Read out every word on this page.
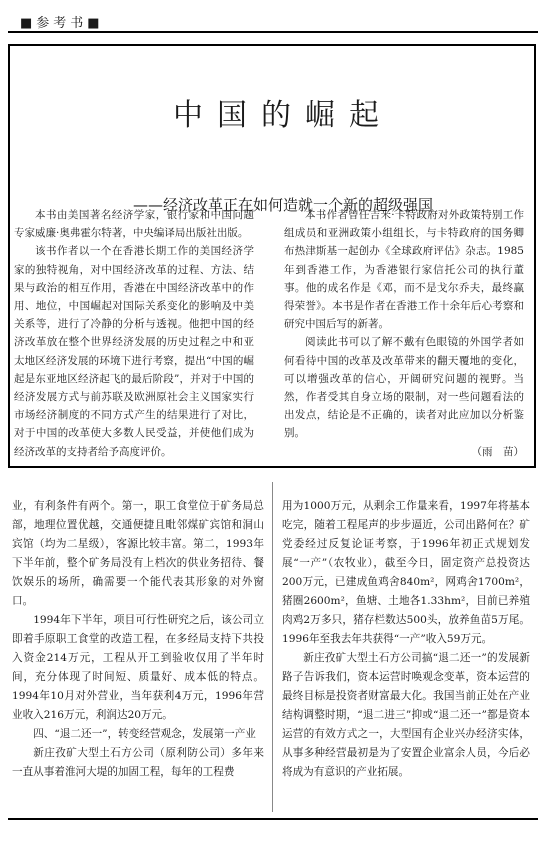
■参考书■
中国的崛起
——经济改革正在如何造就一个新的超级强国

本书由美国著名经济学家，银行家和中国问题专家威廉·奥弗霍尔特著，中央编译局出版社出版。

该书作者以一个在香港长期工作的美国经济学家的独特视角，对中国经济改革的过程、方法、结果与政治的相互作用，香港在中国经济改革中的作用、地位，中国崛起对国际关系变化的影响及中美关系等，进行了冷静的分析与透视。他把中国的经济改革放在整个世界经济发展的历史过程之中和亚太地区经济发展的环境下进行考察，提出“中国的崛起是东亚地区经济起飞的最后阶段”，并对于中国的经济发展方式与前苏联及欧洲原社会主义国家实行市场经济制度的不同方式产生的结果进行了对比，对于中国的改革使大多数人民受益，并使他们成为经济改革的支持者给予高度评价。

本书作者曾任吉米·卡特政府对外政策特别工作组成员和亚洲政策小组组长，与卡特政府的国务卿布热津斯基一起创办《全球政府评估》杂志。1985年到香港工作，为香港银行家信托公司的执行董事。他的成名作是《邓，而不是戈尔乔夫，最终赢得荣誉》。本书是作者在香港工作十余年后心考察和研究中国后写的新著。

阅读此书可以了解不戴有色眼镜的外国学者如何看待中国的改革及改革带来的翻天覆地的变化，可以增强改革的信心，开阔研究问题的视野。当然，作者受其自身立场的限制，对一些问题看法的出发点，结论是不正确的，读者对此应加以分析鉴别。

（雨　苗）

业，有利条件有两个。第一，职工食堂位于矿务局总部，地理位置优越，交通便捷且毗邻煤矿宾馆和洞山宾馆（均为二星级），客源比较丰富。第二，1993年下半年前，整个矿务局没有上档次的供业务招待、餐饮娱乐的场所，确需要一个能代表其形象的对外窗口。

1994年下半年，项目可行性研究之后，该公司立即着手原职工食堂的改造工程，在多经局支持下共投入资金214万元，工程从开工到验收仅用了半年时间，充分体现了时间短、质量好、成本低的特点。1994年10月对外营业，当年获利4万元，1996年营业收入216万元，利润达20万元。

四、“退二还一”，转变经营观念，发展第一产业

新庄孜矿大型土石方公司（原利防公司）多年来一直从事着淮河大堤的加固工程，每年的工程费

用为1000万元，从剩余工作量来看，1997年将基本吃完，随着工程尾声的步步逼近，公司出路何在？矿党委经过反复论证考察，于1996年初正式规划发展“一产”（农牧业），截至今日，固定资产总投资达200万元，已建成鱼鸡舍840m²，网鸡舍1700m²，猪圈2600m²，鱼塘、土地各1.33hm²，目前已养殖肉鸡2万多只，猪存栏数达500头，放养鱼苗5万尾。1996年至我去年共获得“一产”收入59万元。

新庄孜矿大型土石方公司搞“退二还一”的发展新路子告诉我们，资本运营时唤观念变革，资本运营的最终目标是投资者财富最大化。我国当前正处在产业结构调整时期，“退二进三”抑或“退二还一”都是资本运营的有效方式之一，大型国有企业兴办经济实体，从事多种经营最初是为了安置企业富余人员，今后必将成为有意识的产业拓展。
